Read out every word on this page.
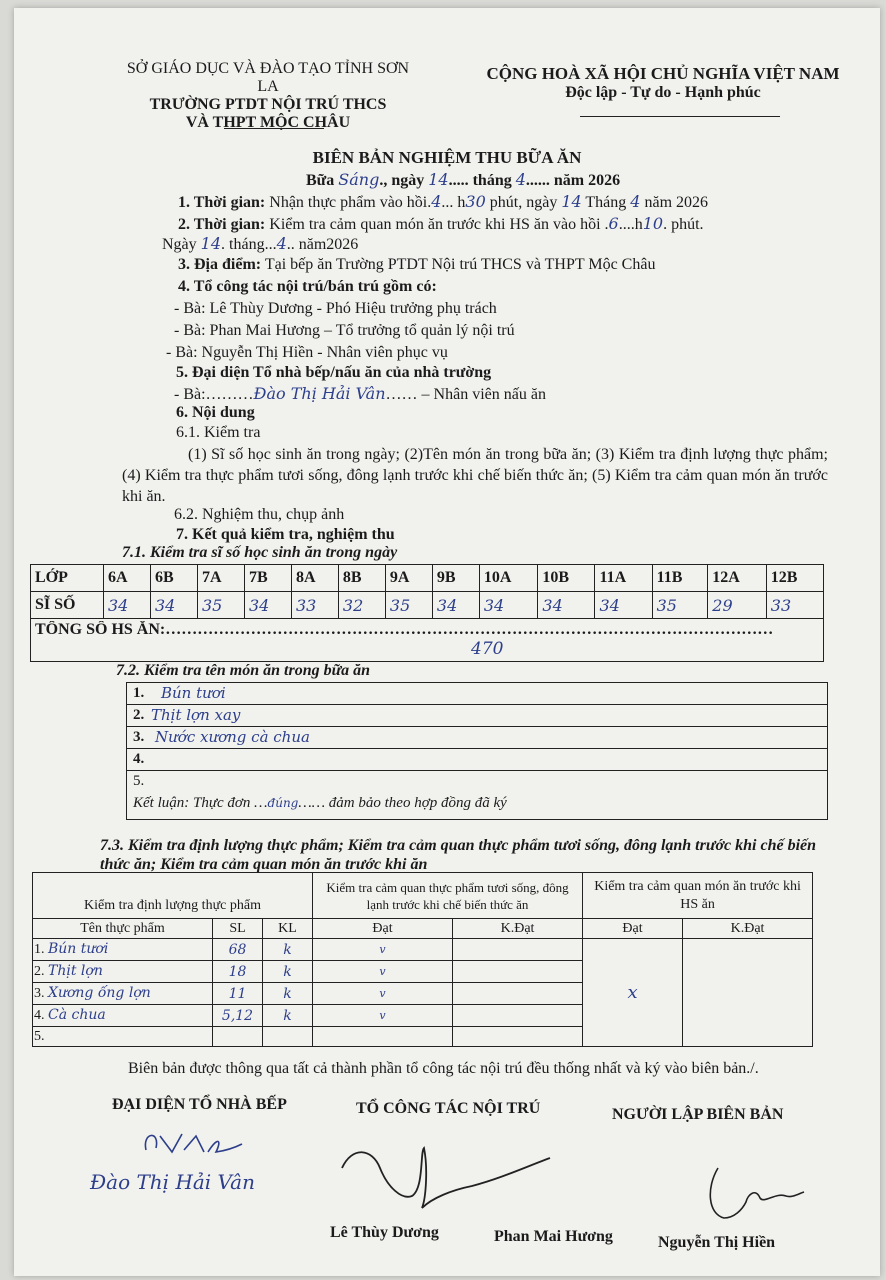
SỞ GIÁO DỤC VÀ ĐÀO TẠO TỈNH SƠN LA
TRƯỜNG PTDT NỘI TRÚ THCS
VÀ THPT MỘC CHÂU
CỘNG HOÀ XÃ HỘI CHỦ NGHĨA VIỆT NAM
Độc lập - Tự do - Hạnh phúc
BIÊN BẢN NGHIỆM THU BỮA ĂN
Bữa Sáng., ngày 14..... tháng 4...... năm 2026
1. Thời gian: Nhận thực phẩm vào hồi.4... h30 phút, ngày 14 Tháng 4 năm 2026
2. Thời gian: Kiểm tra cảm quan món ăn trước khi HS ăn vào hồi .6....h10. phút.
Ngày 14. tháng...4.. năm2026
3. Địa điểm: Tại bếp ăn Trường PTDT Nội trú THCS và THPT Mộc Châu
4. Tổ công tác nội trú/bán trú gồm có:
- Bà: Lê Thùy Dương - Phó Hiệu trưởng phụ trách
- Bà: Phan Mai Hương – Tổ trưởng tổ quản lý nội trú
- Bà: Nguyễn Thị Hiền - Nhân viên phục vụ
5. Đại diện Tổ nhà bếp/nấu ăn của nhà trường
- Bà:………Đào Thị Hải Vân…… – Nhân viên nấu ăn
6. Nội dung
6.1. Kiểm tra
(1) Sĩ số học sinh ăn trong ngày; (2)Tên món ăn trong bữa ăn; (3) Kiểm tra định lượng thực phẩm; (4) Kiểm tra thực phẩm tươi sống, đông lạnh trước khi chế biến thức ăn; (5) Kiểm tra cảm quan món ăn trước khi ăn.
6.2. Nghiệm thu, chụp ảnh
7. Kết quả kiểm tra, nghiệm thu
7.1. Kiểm tra sĩ số học sinh ăn trong ngày
LỚP	6A	6B	7A	7B	8A	8B	9A	9B	10A	10B	11A	11B	12A	12B
SĨ SỐ	34	34	35	34	33	32	35	34	34	34	34	35	29	33
TỔNG SỐ HS ĂN:……………………………………………………………………………………………………
470
7.2. Kiểm tra tên món ăn trong bữa ăn
1. Bún tươi
2. Thịt lợn xay
3. Nước xương cà chua
4.
5.
Kết luận: Thực đơn …đúng…… đảm bảo theo hợp đồng đã ký
7.3. Kiểm tra định lượng thực phẩm; Kiểm tra cảm quan thực phẩm tươi sống, đông lạnh trước khi chế biến thức ăn; Kiểm tra cảm quan món ăn trước khi ăn
Kiểm tra định lượng thực phẩm			Kiểm tra cảm quan thực phẩm tươi sống, đông lạnh trước khi chế biến thức ăn		Kiểm tra cảm quan món ăn trước khi HS ăn	
Tên thực phẩm	SL	KL	Đạt	K.Đạt	Đạt	K.Đạt
1. Bún tươi	68	k	v		x	
2. Thịt lợn	18	k	v			
3. Xương ống lợn	11	k	v			
4. Cà chua	5,12	k	v			
5.						
Biên bản được thông qua tất cả thành phần tổ công tác nội trú đều thống nhất và ký vào biên bản./.
ĐẠI DIỆN TỔ NHÀ BẾP	TỔ CÔNG TÁC NỘI TRÚ	NGƯỜI LẬP BIÊN BẢN
Đào Thị Hải Vân
Lê Thùy Dương	Phan Mai Hương	Nguyễn Thị Hiền
